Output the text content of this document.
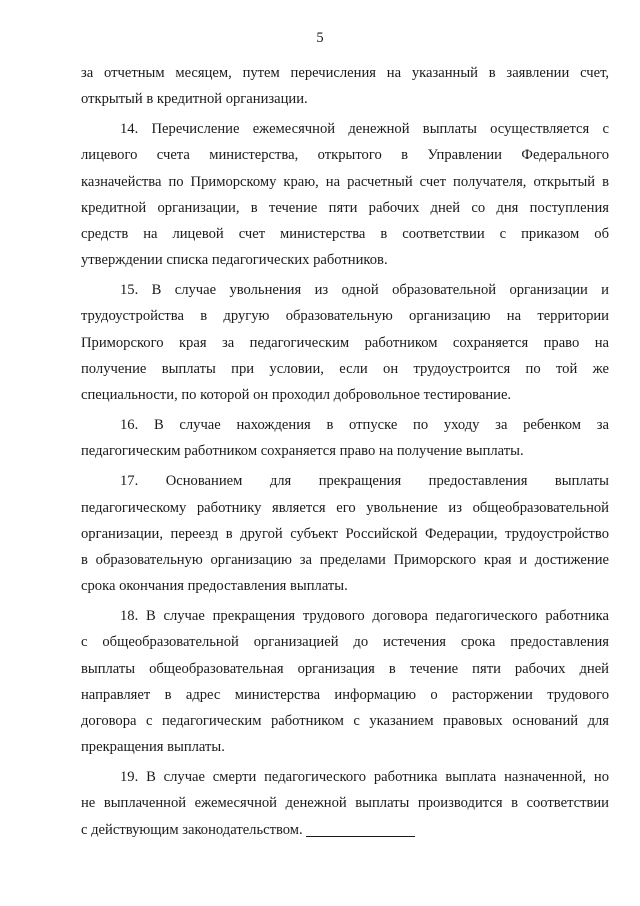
5
за отчетным месяцем, путем перечисления на указанный в заявлении счет,
открытый в кредитной организации.
14. Перечисление ежемесячной денежной выплаты осуществляется с
лицевого счета министерства, открытого в Управлении Федерального
казначейства по Приморскому краю, на расчетный счет получателя, открытый в
кредитной организации, в течение пяти рабочих дней со дня поступления
средств на лицевой счет министерства в соответствии с приказом об
утверждении списка педагогических работников.
15. В случае увольнения из одной образовательной организации и
трудоустройства в другую образовательную организацию на территории
Приморского края за педагогическим работником сохраняется право на
получение выплаты при условии, если он трудоустроится по той же
специальности, по которой он проходил добровольное тестирование.
16. В случае нахождения в отпуске по уходу за ребенком за
педагогическим работником сохраняется право на получение выплаты.
17. Основанием для прекращения предоставления выплаты
педагогическому работнику является его увольнение из общеобразовательной
организации, переезд в другой субъект Российской Федерации, трудоустройство
в образовательную организацию за пределами Приморского края и достижение
срока окончания предоставления выплаты.
18. В случае прекращения трудового договора педагогического работника
с общеобразовательной организацией до истечения срока предоставления
выплаты общеобразовательная организация в течение пяти рабочих дней
направляет в адрес министерства информацию о расторжении трудового
договора с педагогическим работником с указанием правовых оснований для
прекращения выплаты.
19. В случае смерти педагогического работника выплата назначенной, но
не выплаченной ежемесячной денежной выплаты производится в соответствии
с действующим законодательством.
